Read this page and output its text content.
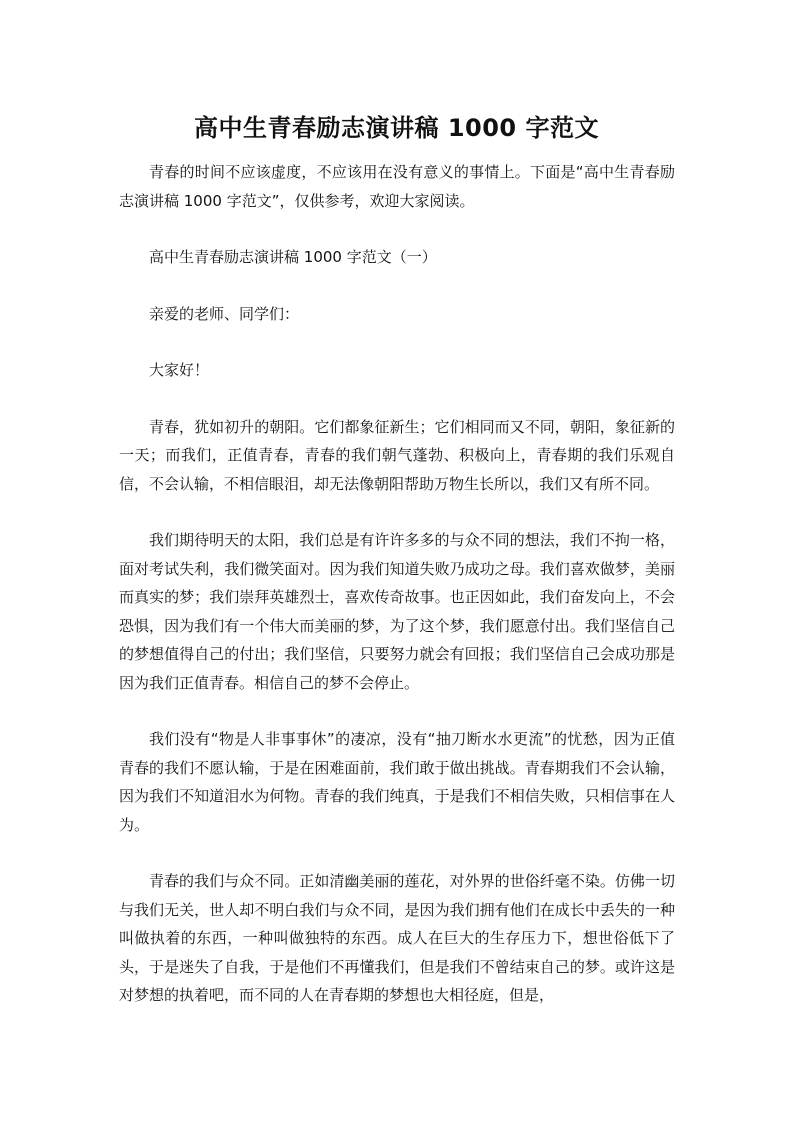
高中生青春励志演讲稿 1000 字范文

青春的时间不应该虚度，不应该用在没有意义的事情上。下面是“高中生青春励志演讲稿 1000 字范文”，仅供参考，欢迎大家阅读。

高中生青春励志演讲稿 1000 字范文（一）

亲爱的老师、同学们：

大家好！

青春，犹如初升的朝阳。它们都象征新生；它们相同而又不同，朝阳，象征新的一天；而我们，正值青春，青春的我们朝气蓬勃、积极向上，青春期的我们乐观自信，不会认输，不相信眼泪，却无法像朝阳帮助万物生长所以，我们又有所不同。

我们期待明天的太阳，我们总是有许许多多的与众不同的想法，我们不拘一格，面对考试失利，我们微笑面对。因为我们知道失败乃成功之母。我们喜欢做梦，美丽而真实的梦；我们崇拜英雄烈士，喜欢传奇故事。也正因如此，我们奋发向上，不会恐惧，因为我们有一个伟大而美丽的梦，为了这个梦，我们愿意付出。我们坚信自己的梦想值得自己的付出；我们坚信，只要努力就会有回报；我们坚信自己会成功那是因为我们正值青春。相信自己的梦不会停止。

我们没有“物是人非事事休”的凄凉，没有“抽刀断水水更流”的忧愁，因为正值青春的我们不愿认输，于是在困难面前，我们敢于做出挑战。青春期我们不会认输，因为我们不知道泪水为何物。青春的我们纯真，于是我们不相信失败，只相信事在人为。

青春的我们与众不同。正如清幽美丽的莲花，对外界的世俗纤毫不染。仿佛一切与我们无关，世人却不明白我们与众不同，是因为我们拥有他们在成长中丢失的一种叫做执着的东西，一种叫做独特的东西。成人在巨大的生存压力下，想世俗低下了头，于是迷失了自我，于是他们不再懂我们，但是我们不曾结束自己的梦。或许这是对梦想的执着吧，而不同的人在青春期的梦想也大相径庭，但是，
